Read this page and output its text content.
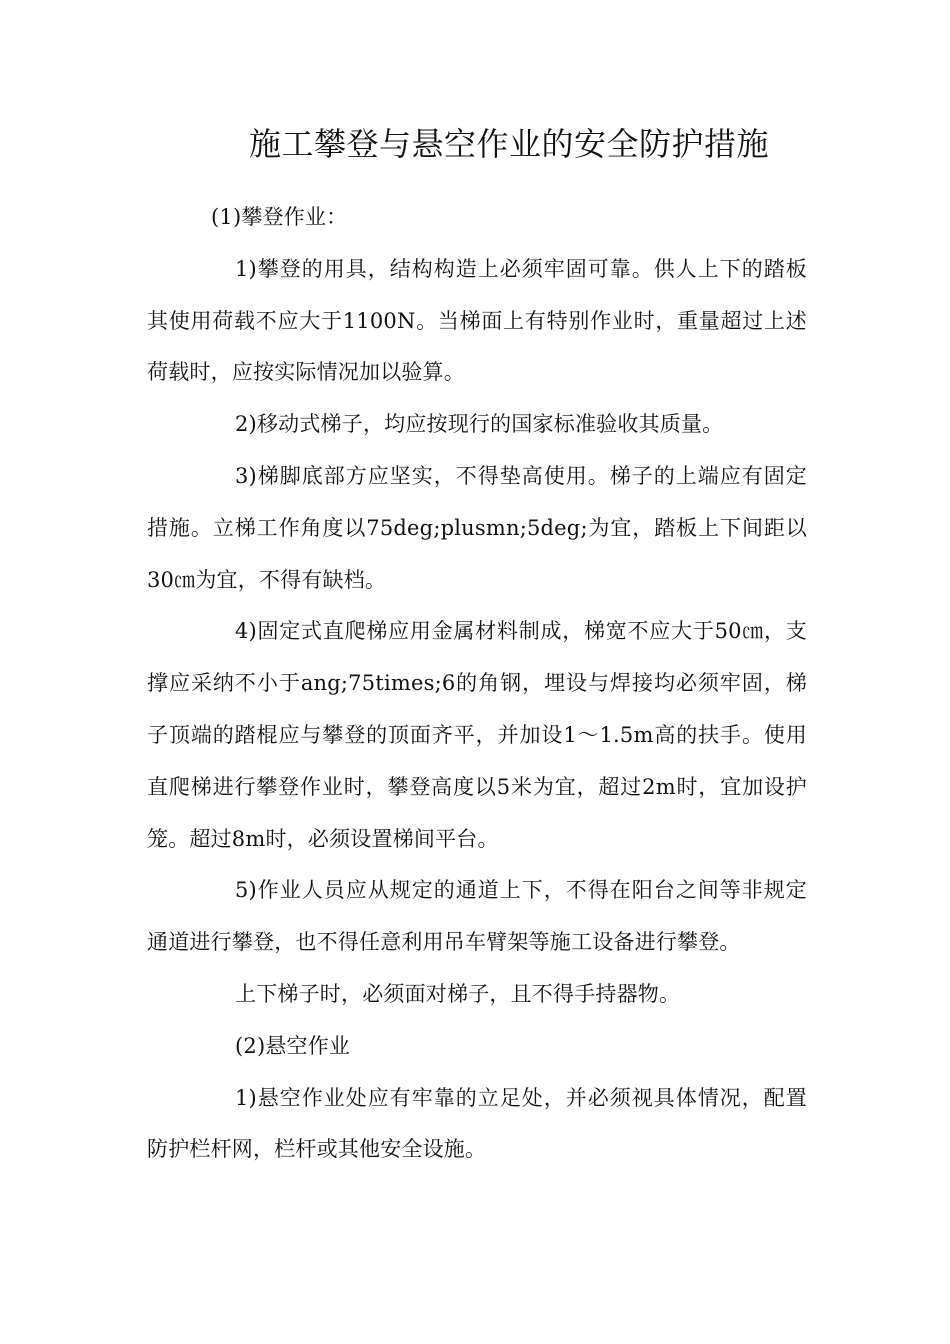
施工攀登与悬空作业的安全防护措施

(1)攀登作业：

1)攀登的用具，结构构造上必须牢固可靠。供人上下的踏板其使用荷载不应大于1100N。当梯面上有特别作业时，重量超过上述荷载时，应按实际情况加以验算。

2)移动式梯子，均应按现行的国家标准验收其质量。

3)梯脚底部方应坚实，不得垫高使用。梯子的上端应有固定措施。立梯工作角度以75deg;plusmn;5deg;为宜，踏板上下间距以30㎝为宜，不得有缺档。

4)固定式直爬梯应用金属材料制成，梯宽不应大于50㎝，支撑应采纳不小于ang;75times;6的角钢，埋设与焊接均必须牢固，梯子顶端的踏棍应与攀登的顶面齐平，并加设1～1.5m高的扶手。使用直爬梯进行攀登作业时，攀登高度以5米为宜，超过2m时，宜加设护笼。超过8m时，必须设置梯间平台。

5)作业人员应从规定的通道上下，不得在阳台之间等非规定通道进行攀登，也不得任意利用吊车臂架等施工设备进行攀登。

上下梯子时，必须面对梯子，且不得手持器物。

(2)悬空作业

1)悬空作业处应有牢靠的立足处，并必须视具体情况，配置防护栏杆网，栏杆或其他安全设施。
